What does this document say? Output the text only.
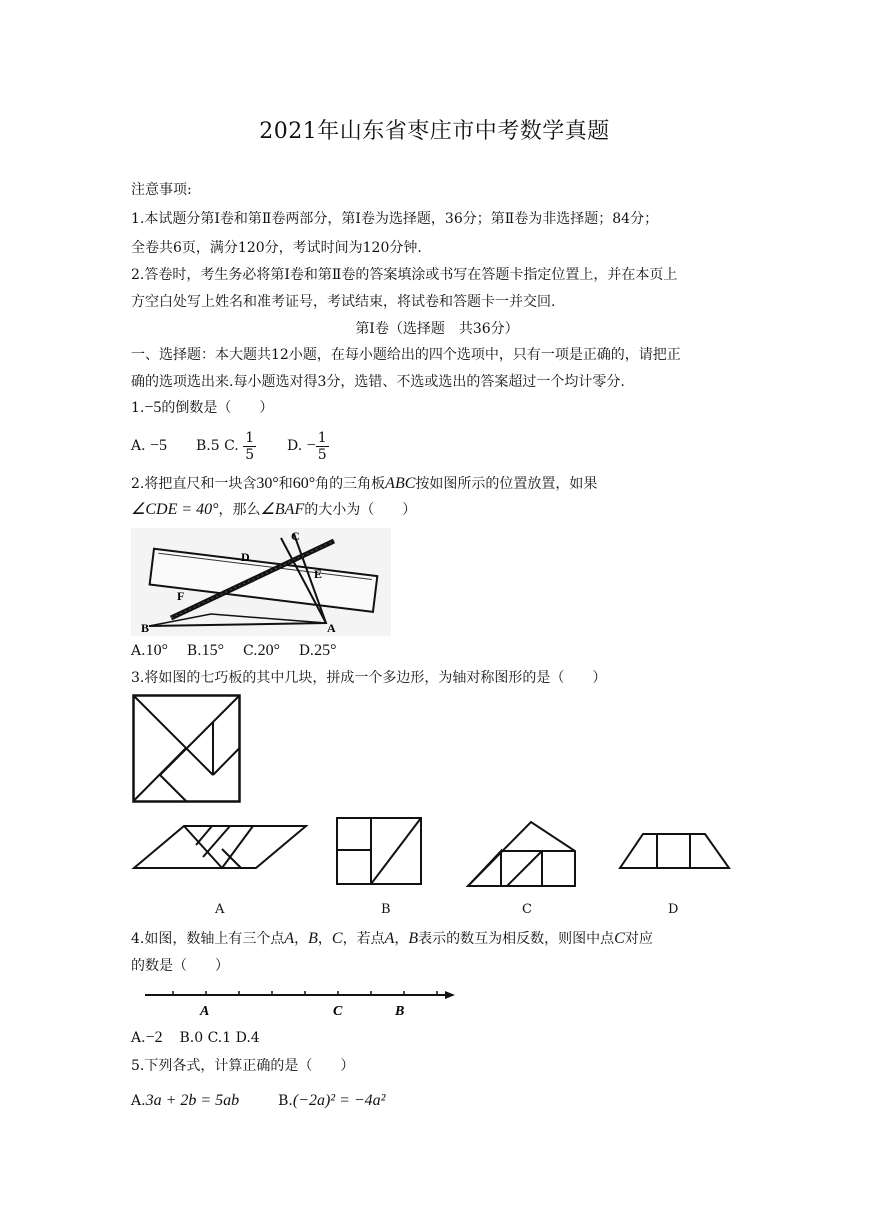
2021年山东省枣庄市中考数学真题
注意事项:
1.本试题分第Ⅰ卷和第Ⅱ卷两部分，第Ⅰ卷为选择题，36分；第Ⅱ卷为非选择题；84分；
全卷共6页，满分120分，考试时间为120分钟.
2.答卷时，考生务必将第Ⅰ卷和第Ⅱ卷的答案填涂或书写在答题卡指定位置上，并在本页上
方空白处写上姓名和准考证号，考试结束，将试卷和答题卡一并交回.
第Ⅰ卷（选择题　共36分）
一、选择题：本大题共12小题，在每小题给出的四个选项中，只有一项是正确的，请把正
确的选项选出来.每小题选对得3分，选错、不选或选出的答案超过一个均计零分.
1.−5的倒数是（　　）
A. −5 B.5 C. $\frac{1}{5} D$. − $\frac{1}{5}$
2.将把直尺和一块含30°和60°角的三角板ABC按如图所示的位置放置，如果
∠CDE = 40°，那么∠BAF的大小为（　　）
C
D
E
F
B	A
A.10° B.15° C.20° D.25°
3.将如图的七巧板的其中几块，拼成一个多边形，为轴对称图形的是（　　）
A	B	C	D
4.如图，数轴上有三个点A，B，C，若点A，B表示的数互为相反数，则图中点C对应
的数是（　　）
A	C	B
A.−2 B.0 C.1 D.4
5.下列各式，计算正确的是（　　）
A.3a + 2b = 5ab	B.(−2a)² = −4a²
